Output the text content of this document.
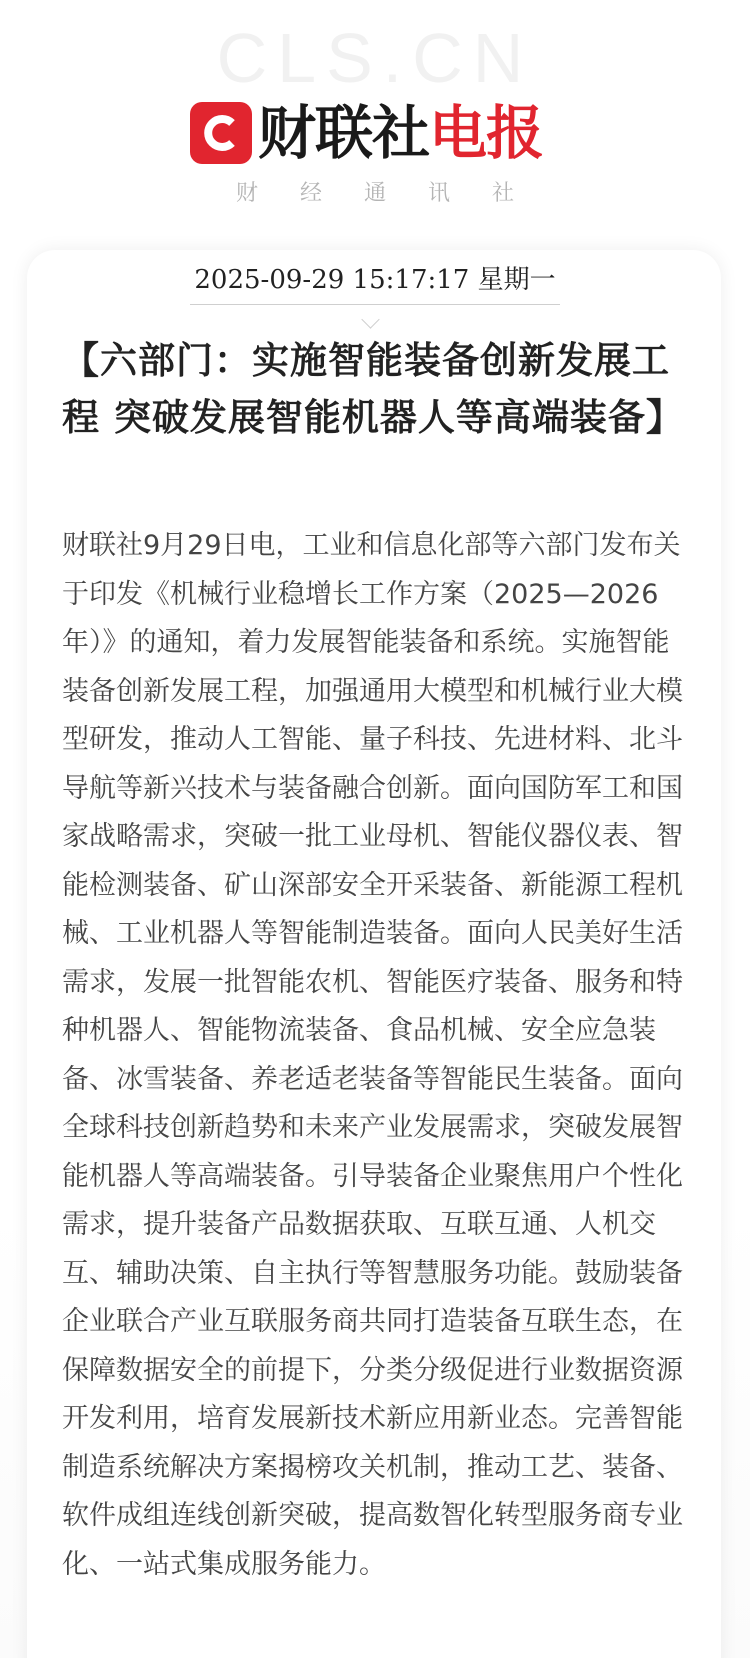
CLS.CN
财联社 电报
财经通讯社
2025-09-29 15:17:17 星期一
【六部门：实施智能装备创新发展工程 突破发展智能机器人等高端装备】
财联社9月29日电，工业和信息化部等六部门发布关于印发《机械行业稳增长工作方案（2025—2026年）》的通知，着力发展智能装备和系统。实施智能装备创新发展工程，加强通用大模型和机械行业大模型研发，推动人工智能、量子科技、先进材料、北斗导航等新兴技术与装备融合创新。面向国防军工和国家战略需求，突破一批工业母机、智能仪器仪表、智能检测装备、矿山深部安全开采装备、新能源工程机械、工业机器人等智能制造装备。面向人民美好生活需求，发展一批智能农机、智能医疗装备、服务和特种机器人、智能物流装备、食品机械、安全应急装备、冰雪装备、养老适老装备等智能民生装备。面向全球科技创新趋势和未来产业发展需求，突破发展智能机器人等高端装备。引导装备企业聚焦用户个性化需求，提升装备产品数据获取、互联互通、人机交互、辅助决策、自主执行等智慧服务功能。鼓励装备企业联合产业互联服务商共同打造装备互联生态，在保障数据安全的前提下，分类分级促进行业数据资源开发利用，培育发展新技术新应用新业态。完善智能制造系统解决方案揭榜攻关机制，推动工艺、装备、软件成组连线创新突破，提高数智化转型服务商专业化、一站式集成服务能力。
